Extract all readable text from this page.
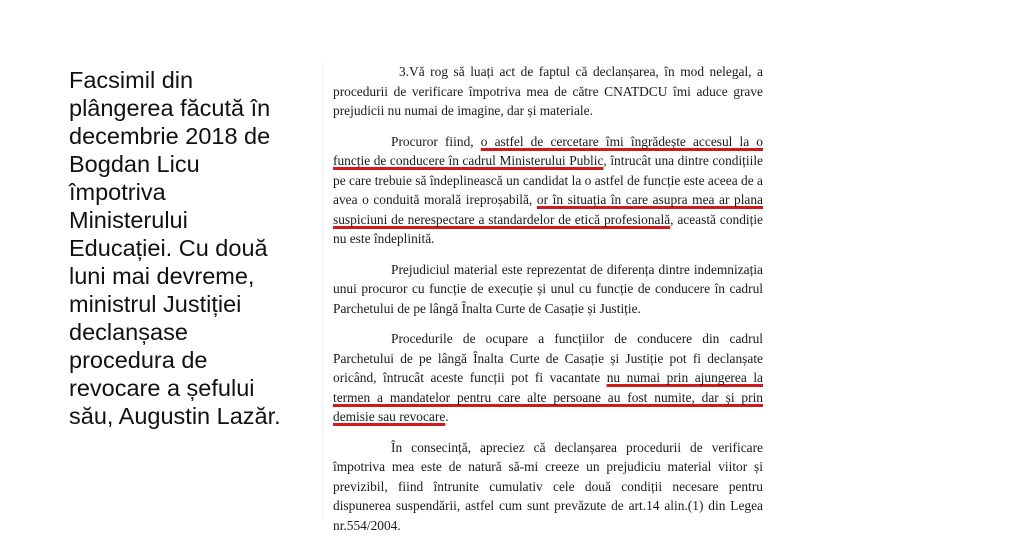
Facsimil din
plângerea făcută în
decembrie 2018 de
Bogdan Licu
împotriva
Ministerului
Educației. Cu două
luni mai devreme,
ministrul Justiției
declanșase
procedura de
revocare a șefului
său, Augustin Lazăr.

3.Vă rog să luați act de faptul că declanșarea, în mod nelegal, a procedurii de verificare împotriva mea de către CNATDCU îmi aduce grave prejudicii nu numai de imagine, dar și materiale.

Procuror fiind, o astfel de cercetare îmi îngrădește accesul la o funcție de conducere în cadrul Ministerului Public, întrucât una dintre condițiile pe care trebuie să îndeplinească un candidat la o astfel de funcție este aceea de a avea o conduită morală ireproșabilă, or în situația în care asupra mea ar plana suspiciuni de nerespectare a standardelor de etică profesională, această condiție nu este îndeplinită.

Prejudiciul material este reprezentat de diferența dintre indemnizația unui procuror cu funcție de execuție și unul cu funcție de conducere în cadrul Parchetului de pe lângă Înalta Curte de Casație și Justiție.

Procedurile de ocupare a funcțiilor de conducere din cadrul Parchetului de pe lângă Înalta Curte de Casație și Justiție pot fi declanșate oricând, întrucât aceste funcții pot fi vacantate nu numai prin ajungerea la termen a mandatelor pentru care alte persoane au fost numite, dar și prin demisie sau revocare.

În consecință, apreciez că declanșarea procedurii de verificare împotriva mea este de natură să-mi creeze un prejudiciu material viitor și previzibil, fiind întrunite cumulativ cele două condiții necesare pentru dispunerea suspendării, astfel cum sunt prevăzute de art.14 alin.(1) din Legea nr.554/2004.
